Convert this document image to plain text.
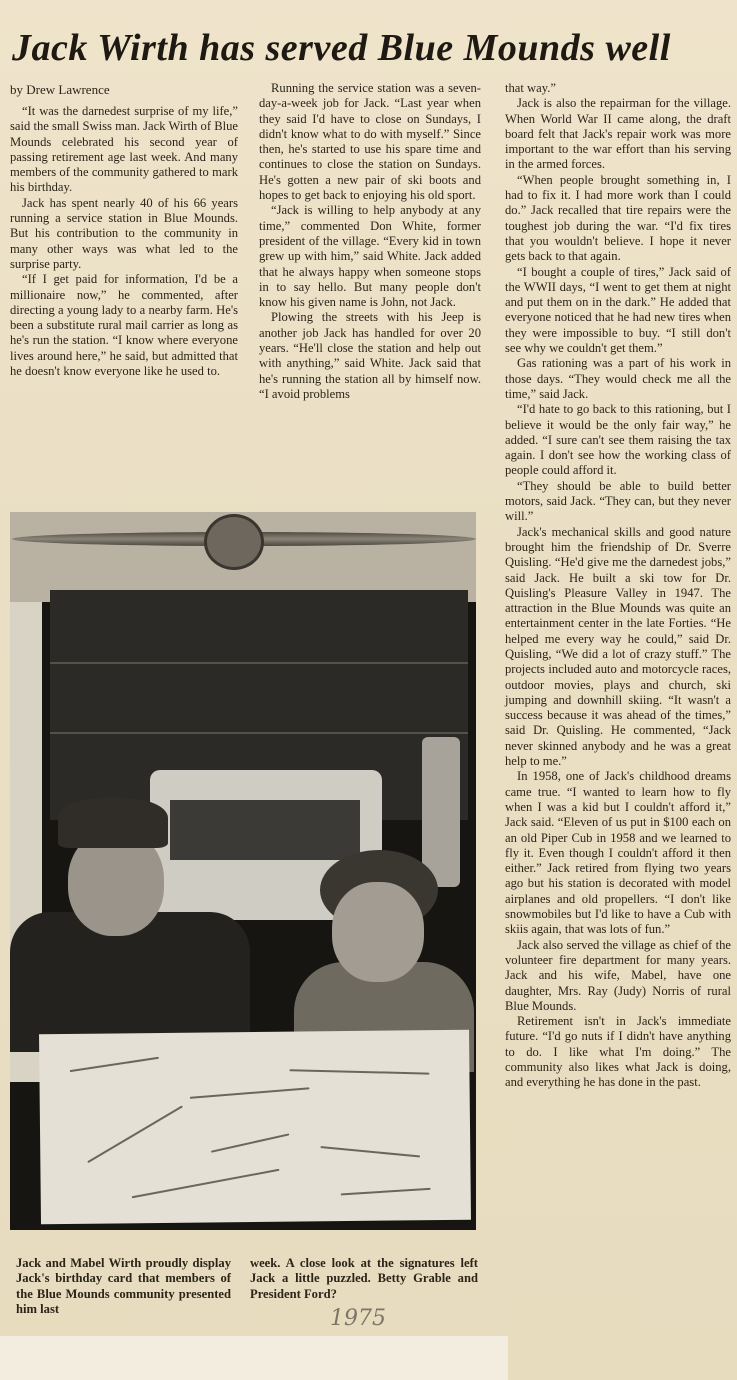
Jack Wirth has served Blue Mounds well
by Drew Lawrence

“It was the darnedest surprise of my life,” said the small Swiss man. Jack Wirth of Blue Mounds celebrated his second year of passing retirement age last week. And many members of the community gathered to mark his birthday.

Jack has spent nearly 40 of his 66 years running a service station in Blue Mounds. But his contribution to the community in many other ways was what led to the surprise party.

“If I get paid for information, I'd be a millionaire now,” he commented, after directing a young lady to a nearby farm. He's been a substitute rural mail carrier as long as he's run the station. “I know where everyone lives around here,” he said, but admitted that he doesn't know everyone like he used to.

Running the service station was a seven-day-a-week job for Jack. “Last year when they said I'd have to close on Sundays, I didn't know what to do with myself.” Since then, he's started to use his spare time and continues to close the station on Sundays. He's gotten a new pair of ski boots and hopes to get back to enjoying his old sport.

“Jack is willing to help anybody at any time,” commented Don White, former president of the village. “Every kid in town grew up with him,” said White. Jack added that he always happy when someone stops in to say hello. But many people don't know his given name is John, not Jack.

Plowing the streets with his Jeep is another job Jack has handled for over 20 years. “He'll close the station and help out with anything,” said White. Jack said that he's running the station all by himself now. “I avoid problems

that way.”

Jack is also the repairman for the village. When World War II came along, the draft board felt that Jack's repair work was more important to the war effort than his serving in the armed forces.

“When people brought something in, I had to fix it. I had more work than I could do.” Jack recalled that tire repairs were the toughest job during the war. “I'd fix tires that you wouldn't believe. I hope it never gets back to that again.

“I bought a couple of tires,” Jack said of the WWII days, “I went to get them at night and put them on in the dark.” He added that everyone noticed that he had new tires when they were impossible to buy. “I still don't see why we couldn't get them.”

Gas rationing was a part of his work in those days. “They would check me all the time,” said Jack.

“I'd hate to go back to this rationing, but I believe it would be the only fair way,” he added. “I sure can't see them raising the tax again. I don't see how the working class of people could afford it.

“They should be able to build better motors, said Jack. “They can, but they never will.”

Jack's mechanical skills and good nature brought him the friendship of Dr. Sverre Quisling. “He'd give me the darnedest jobs,” said Jack. He built a ski tow for Dr. Quisling's Pleasure Valley in 1947. The attraction in the Blue Mounds was quite an entertainment center in the late Forties. “He helped me every way he could,” said Dr. Quisling, “We did a lot of crazy stuff.” The projects included auto and motorcycle races, outdoor movies, plays and church, ski jumping and downhill skiing. “It wasn't a success because it was ahead of the times,” said Dr. Quisling. He commented, “Jack never skinned anybody and he was a great help to me.”

In 1958, one of Jack's childhood dreams came true. “I wanted to learn how to fly when I was a kid but I couldn't afford it,” Jack said. “Eleven of us put in $100 each on an old Piper Cub in 1958 and we learned to fly it. Even though I couldn't afford it then either.” Jack retired from flying two years ago but his station is decorated with model airplanes and old propellers. “I don't like snowmobiles but I'd like to have a Cub with skiis again, that was lots of fun.”

Jack also served the village as chief of the volunteer fire department for many years. Jack and his wife, Mabel, have one daughter, Mrs. Ray (Judy) Norris of rural Blue Mounds.

Retirement isn't in Jack's immediate future. “I'd go nuts if I didn't have anything to do. I like what I'm doing.” The community also likes what Jack is doing, and everything he has done in the past.

Jack and Mabel Wirth proudly display Jack's birthday card that members of the Blue Mounds community presented him last
week. A close look at the signatures left Jack a little puzzled. Betty Grable and President Ford?
1975
